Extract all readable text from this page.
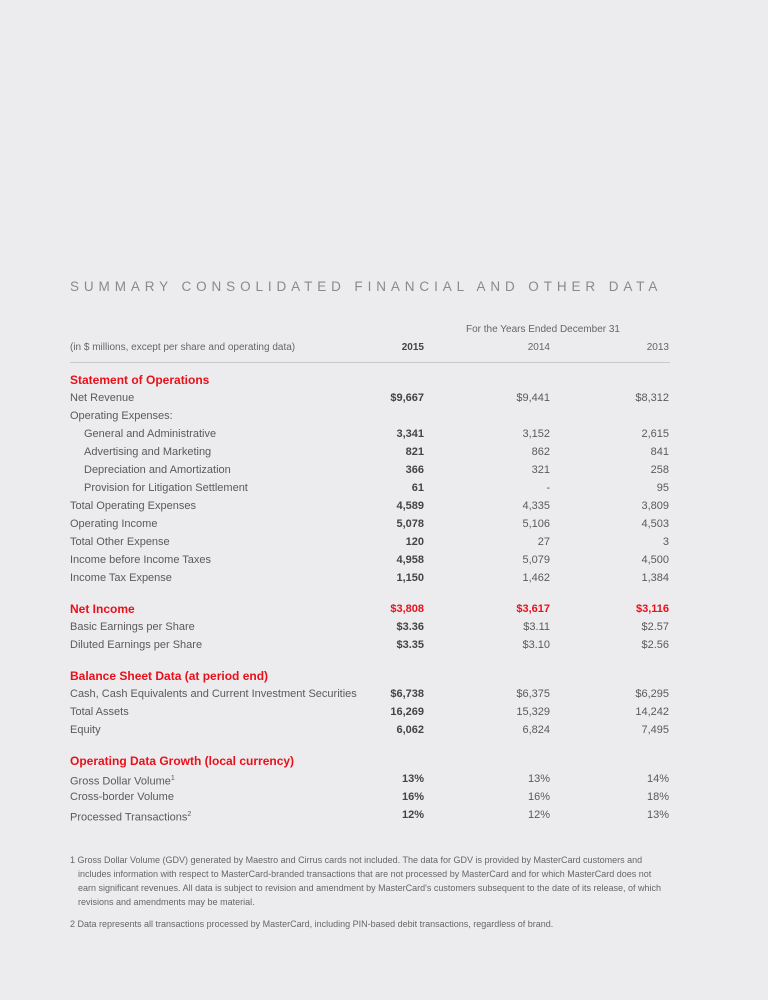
SUMMARY CONSOLIDATED FINANCIAL AND OTHER DATA
For the Years Ended December 31
(in $ millions, except per share and operating data)	2015	2014	2013
Statement of Operations
Net Revenue	$9,667	$9,441	$8,312
Operating Expenses:
General and Administrative	3,341	3,152	2,615
Advertising and Marketing	821	862	841
Depreciation and Amortization	366	321	258
Provision for Litigation Settlement	61	-	95
Total Operating Expenses	4,589	4,335	3,809
Operating Income	5,078	5,106	4,503
Total Other Expense	120	27	3
Income before Income Taxes	4,958	5,079	4,500
Income Tax Expense	1,150	1,462	1,384
Net Income	$3,808	$3,617	$3,116
Basic Earnings per Share	$3.36	$3.11	$2.57
Diluted Earnings per Share	$3.35	$3.10	$2.56
Balance Sheet Data (at period end)
Cash, Cash Equivalents and Current Investment Securities	$6,738	$6,375	$6,295
Total Assets	16,269	15,329	14,242
Equity	6,062	6,824	7,495
Operating Data Growth (local currency)
Gross Dollar Volume$^1$	13%	13%	14%
Cross-border Volume	16%	16%	18%
Processed Transactions$^2$	12%	12%	13%

1 Gross Dollar Volume (GDV) generated by Maestro and Cirrus cards not included. The data for GDV is provided by MasterCard customers and includes information with respect to MasterCard-branded transactions that are not processed by MasterCard and for which MasterCard does not earn significant revenues. All data is subject to revision and amendment by MasterCard's customers subsequent to the date of its release, of which revisions and amendments may be material.

2 Data represents all transactions processed by MasterCard, including PIN-based debit transactions, regardless of brand.
